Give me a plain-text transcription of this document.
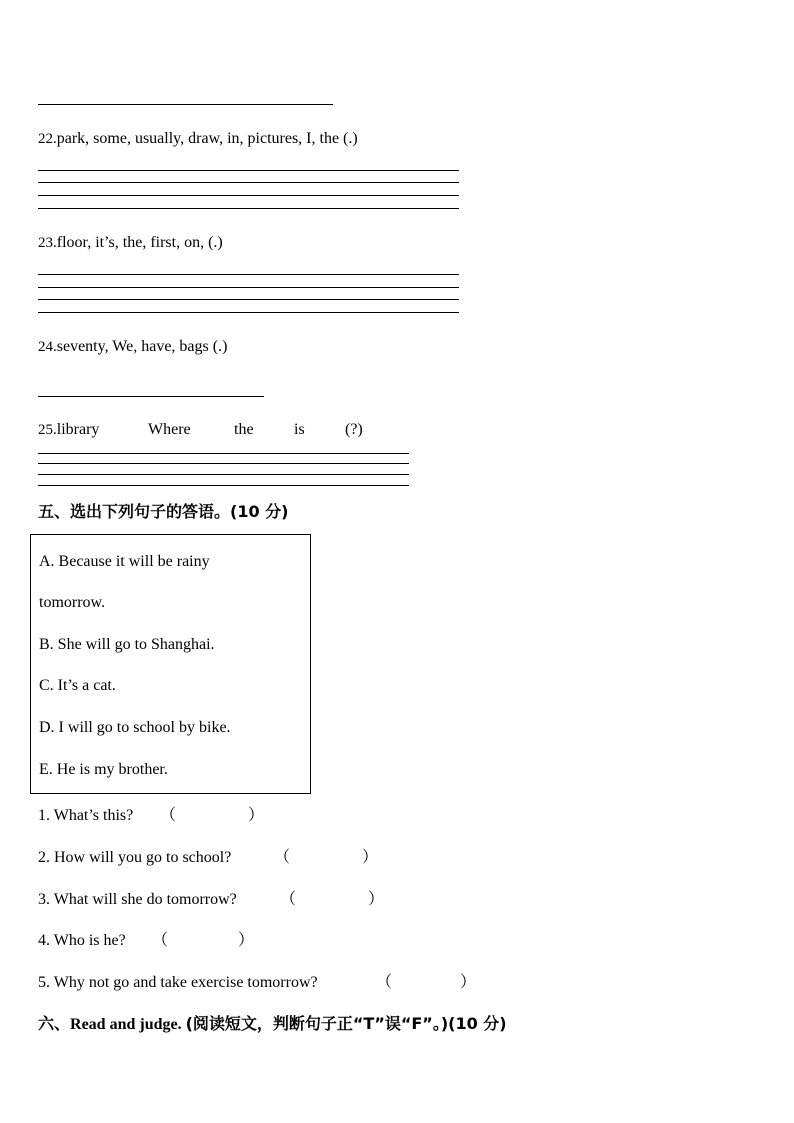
22.park, some, usually, draw, in, pictures, I, the (.)
23.floor, it’s, the, first, on, (.)
24.seventy, We, have, bags (.)
25.library	Where	the	is	(?)
五、选出下列句子的答语。(10 分)
A. Because it will be rainy
tomorrow.
B. She will go to Shanghai.
C. It’s a cat.
D. I will go to school by bike.
E. He is my brother.
1. What’s this? （	）
2. How will you go to school?	（	）
3. What will she do tomorrow?	（	）
4. Who is he? （	）
5. Why not go and take exercise tomorrow?	（	）
六、Read and judge. (阅读短文，判断句子正“T”误“F”。)(10 分)
